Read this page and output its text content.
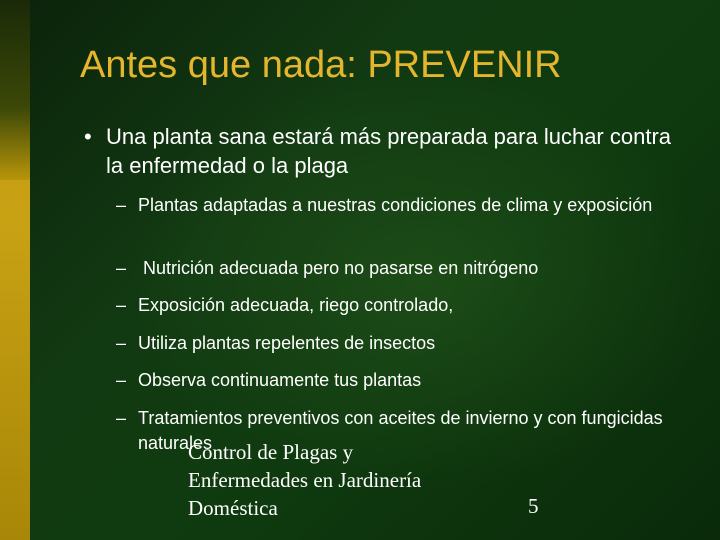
Antes que nada: PREVENIR
• Una planta sana estará más preparada para luchar contra la enfermedad o la plaga
– Plantas adaptadas a nuestras condiciones de clima y exposición
– Nutrición adecuada pero no pasarse en nitrógeno
– Exposición adecuada, riego controlado,
– Utiliza plantas repelentes de insectos
– Observa continuamente tus plantas
– Tratamientos preventivos con aceites de invierno y con fungicidas naturales
Control de Plagas y
Enfermedades en Jardinería
Doméstica	5
